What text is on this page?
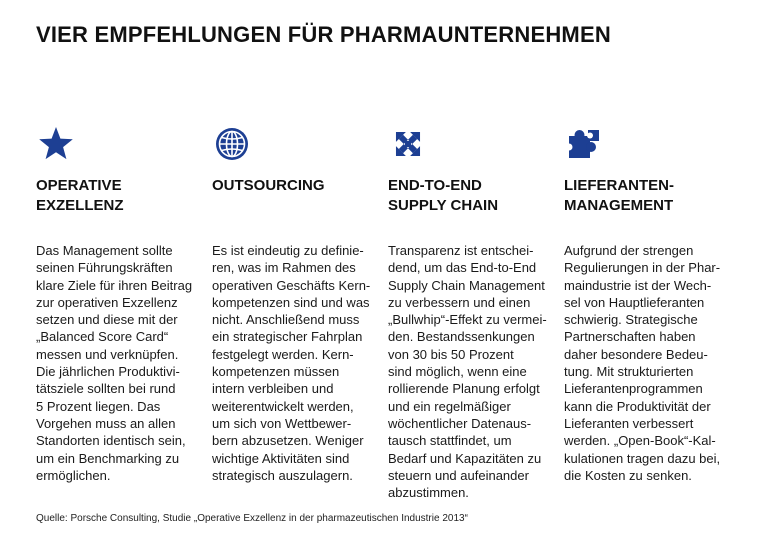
VIER EMPFEHLUNGEN FÜR PHARMAUNTERNEHMEN
OPERATIVE
EXZELLENZ
Das Management sollte
seinen Führungskräften
klare Ziele für ihren Beitrag
zur operativen Exzellenz
setzen und diese mit der
„Balanced Score Card“
messen und verknüpfen.
Die jährlichen Produktivi-
tätsziele sollten bei rund
5 Prozent liegen. Das
Vorgehen muss an allen
Standorten identisch sein,
um ein Benchmarking zu
ermöglichen.
OUTSOURCING
Es ist eindeutig zu definie-
ren, was im Rahmen des
operativen Geschäfts Kern-
kompetenzen sind und was
nicht. Anschließend muss
ein strategischer Fahrplan
festgelegt werden. Kern-
kompetenzen müssen
intern verbleiben und
weiterentwickelt werden,
um sich von Wettbewer-
bern abzusetzen. Weniger
wichtige Aktivitäten sind
strategisch auszulagern.
END-TO-END
SUPPLY CHAIN
Transparenz ist entschei-
dend, um das End-to-End
Supply Chain Management
zu verbessern und einen
„Bullwhip“-Effekt zu vermei-
den. Bestandssenkungen
von 30 bis 50 Prozent
sind möglich, wenn eine
rollierende Planung erfolgt
und ein regelmäßiger
wöchentlicher Datenaus-
tausch stattfindet, um
Bedarf und Kapazitäten zu
steuern und aufeinander
abzustimmen.
LIEFERANTEN-
MANAGEMENT
Aufgrund der strengen
Regulierungen in der Phar-
maindustrie ist der Wech-
sel von Hauptlieferanten
schwierig. Strategische
Partnerschaften haben
daher besondere Bedeu-
tung. Mit strukturierten
Lieferantenprogrammen
kann die Produktivität der
Lieferanten verbessert
werden. „Open-Book“-Kal-
kulationen tragen dazu bei,
die Kosten zu senken.
Quelle: Porsche Consulting, Studie „Operative Exzellenz in der pharmazeutischen Industrie 2013“
